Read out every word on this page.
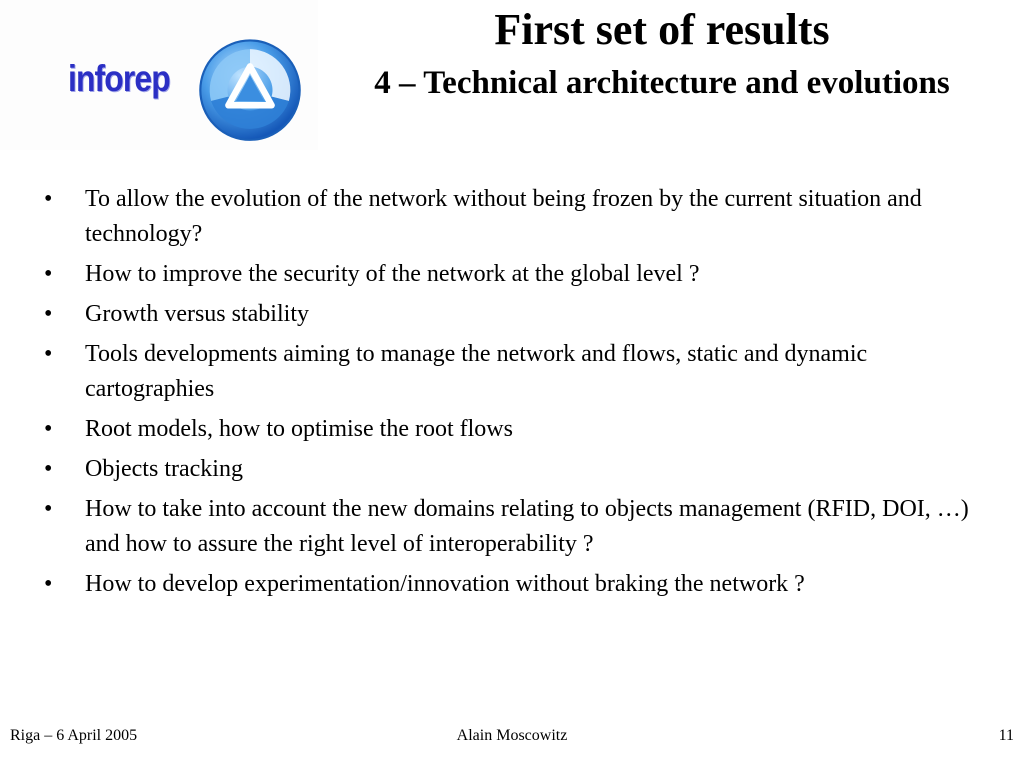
inforep
First set of results
4 – Technical architecture and evolutions
• To allow the evolution of the network without being frozen by the current situation and technology?
• How to improve the security of the network at the global level ?
• Growth versus stability
• Tools developments aiming to manage the network and flows, static and dynamic cartographies
• Root models, how to optimise the root flows
• Objects tracking
• How to take into account the new domains relating to objects management (RFID, DOI, …) and how to assure the right level of interoperability ?
• How to develop experimentation/innovation without braking the network ?
Riga – 6 April 2005	Alain Moscowitz	11
